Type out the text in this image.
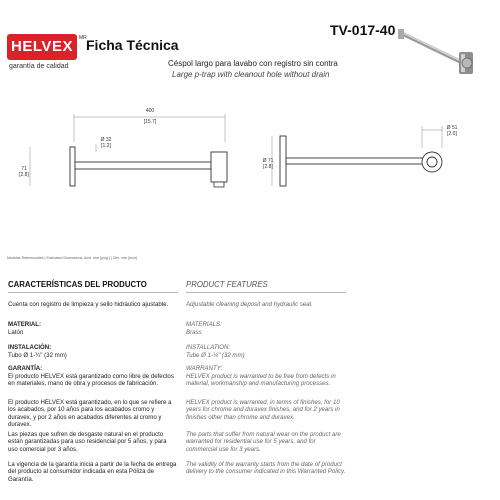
HELVEX	MR
garantía de calidad
Ficha Técnica
TV-017-40
Céspol largo para lavabo con registro sin contra
Large p-trap with cleanout hole without drain
400
[15.7]
Ø 32
[1.2]
71
[2.8]
Ø 71
[2.8]
Ø 51
[2.0]
Medidas Referenciales | Estimated Dimensions. Acot. mm [pulg.] | Dim. mm [inch]
CARACTERÍSTICAS DEL PRODUCTO	PRODUCT FEATURES
Cuenta con registro de limpieza y sello hidráulico ajustable.
MATERIAL:
Latón
INSTALACIÓN:
Tubo Ø 1-¼" (32 mm)
GARANTÍA:
El producto HELVEX está garantizado como libre de defectos en materiales, mano de obra y procesos de fabricación.
El producto HELVEX está garantizado, en lo que se refiere a los acabados, por 10 años para los acabados cromo y duravex, y por 2 años en acabados diferentes al cromo y duravex.
Las piezas que sufren de desgaste natural en el producto están garantizadas para uso residencial por 5 años, y para uso comercial por 3 años.
La vigencia de la garantía inicia a partir de la fecha de entrega del producto al consumidor indicada en esta Póliza de Garantía.
Adjustable cleaning deposit and hydraulic seal.
MATERIALS:
Brass
INSTALLATION:
Tube Ø 1-¼" (32 mm)
WARRANTY:
HELVEX product is warranted to be free from defects in material, workmanship and manufacturing processes.
HELVEX product is warranted, in terms of finishes, for 10 years for chrome and duravex finishes, and for 2 years in finishes other than chrome and duravex.
The parts that suffer from natural wear on the product are warranted for residential use for 5 years, and for commercial use for 3 years.
The validity of the warranty starts from the date of product delivery to the consumer indicated in this Warranted Policy.
